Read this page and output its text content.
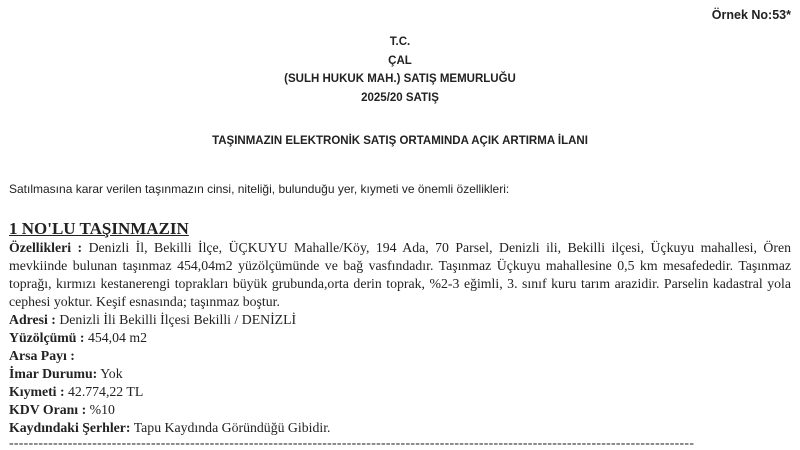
Örnek No:53*
T.C.
ÇAL
(SULH HUKUK MAH.) SATIŞ MEMURLUĞU
2025/20 SATIŞ
TAŞINMAZIN ELEKTRONİK SATIŞ ORTAMINDA AÇIK ARTIRMA İLANI
Satılmasına karar verilen taşınmazın cinsi, niteliği, bulunduğu yer, kıymeti ve önemli özellikleri:
1 NO'LU TAŞINMAZIN
Özellikleri : Denizli İl, Bekilli İlçe, ÜÇKUYU Mahalle/Köy, 194 Ada, 70 Parsel, Denizli ili, Bekilli ilçesi, Üçkuyu mahallesi, Ören mevkiinde bulunan taşınmaz 454,04m2 yüzölçümünde ve bağ vasfındadır. Taşınmaz Üçkuyu mahallesine 0,5 km mesafededir. Taşınmaz toprağı, kırmızı kestanerengi toprakları büyük grubunda,orta derin toprak, %2-3 eğimli, 3. sınıf kuru tarım arazidir. Parselin kadastral yola cephesi yoktur. Keşif esnasında; taşınmaz boştur.
Adresi : Denizli İli Bekilli İlçesi Bekilli / DENİZLİ
Yüzölçümü : 454,04 m2
Arsa Payı :
İmar Durumu: Yok
Kıymeti : 42.774,22 TL
KDV Oranı : %10
Kaydındaki Şerhler: Tapu Kaydında Göründüğü Gibidir.
--------------------------------------------------------------------------------------------------------------------------------------------
